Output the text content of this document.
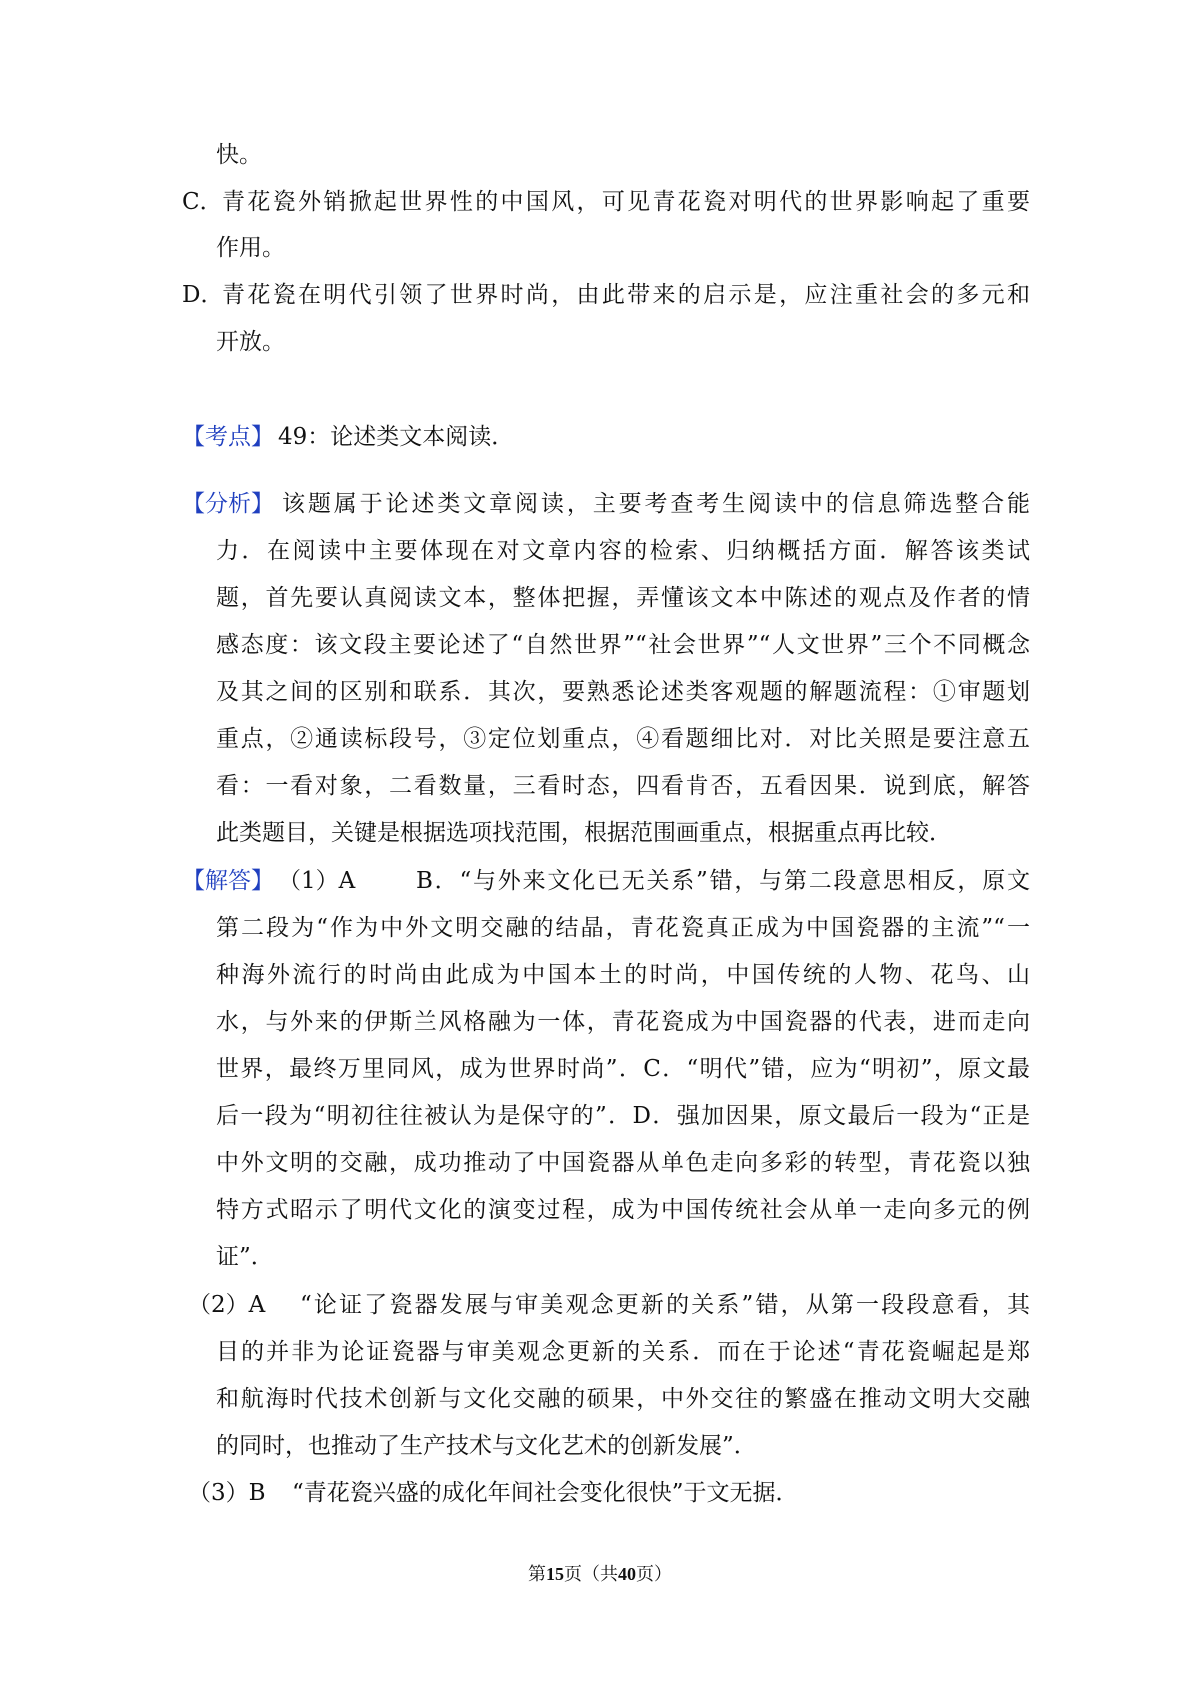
快。
C． 青花瓷外销掀起世界性的中国风，可见青花瓷对明代的世界影响起了重要
作用。
D．
青花瓷在明代引领了世界时尚，由此带来的启示是，应注重社会的多元和
开放。
【考点】 49：论述类文本阅读．
【分析】 该题属于论述类文章阅读，主要考查考生阅读中的信息筛选整合能
力．在阅读中主要体现在对文章内容的检索、归纳概括方面．解答该类试
题，首先要认真阅读文本，整体把握，弄懂该文本中陈述的观点及作者的情
感态度：该文段主要论述了“自然世界”“社会世界”“人文世界”三个不同概念
及其之间的区别和联系．其次，要熟悉论述类客观题的解题流程：①审题划
重点，②通读标段号，③定位划重点，④看题细比对．对比关照是要注意五
看：一看对象，二看数量，三看时态，四看肯否，五看因果．说到底，解答
此类题目，关键是根据选项找范围，根据范围画重点，根据重点再比较．
【解答】 （1）A	B．“与外来文化已无关系”错，与第二段意思相反，原文
第二段为“作为中外文明交融的结晶，青花瓷真正成为中国瓷器的主流”“一
种海外流行的时尚由此成为中国本土的时尚，中国传统的人物、花鸟、山
水，与外来的伊斯兰风格融为一体，青花瓷成为中国瓷器的代表，进而走向
世界，最终万里同风，成为世界时尚”．C．“明代”错，应为“明初”，原文最
后一段为“明初往往被认为是保守的”．D．强加因果，原文最后一段为“正是
中外文明的交融，成功推动了中国瓷器从单色走向多彩的转型，青花瓷以独
特方式昭示了明代文化的演变过程，成为中国传统社会从单一走向多元的例
证”．
（2）A “论证了瓷器发展与审美观念更新的关系”错，从第一段段意看，其
目的并非为论证瓷器与审美观念更新的关系．而在于论述“青花瓷崛起是郑
和航海时代技术创新与文化交融的硕果，中外交往的繁盛在推动文明大交融
的同时，也推动了生产技术与文化艺术的创新发展”．
（3）B “青花瓷兴盛的成化年间社会变化很快”于文无据．
第15页（共40页）
